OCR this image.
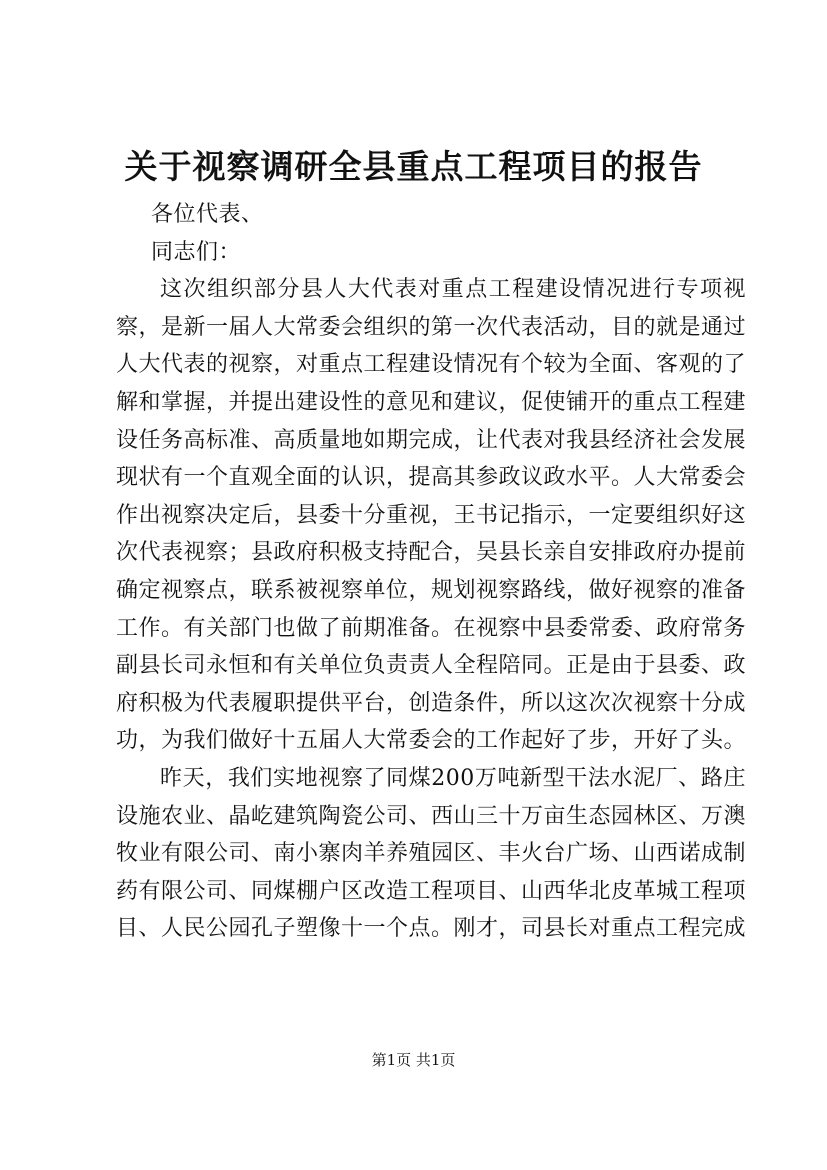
关于视察调研全县重点工程项目的报告

各位代表、

同志们：

这次组织部分县人大代表对重点工程建设情况进行专项视察，是新一届人大常委会组织的第一次代表活动，目的就是通过人大代表的视察，对重点工程建设情况有个较为全面、客观的了解和掌握，并提出建设性的意见和建议，促使铺开的重点工程建设任务高标准、高质量地如期完成，让代表对我县经济社会发展现状有一个直观全面的认识，提高其参政议政水平。人大常委会作出视察决定后，县委十分重视，王书记指示，一定要组织好这次代表视察；县政府积极支持配合，吴县长亲自安排政府办提前确定视察点，联系被视察单位，规划视察路线，做好视察的准备工作。有关部门也做了前期准备。在视察中县委常委、政府常务副县长司永恒和有关单位负责责人全程陪同。正是由于县委、政府积极为代表履职提供平台，创造条件，所以这次次视察十分成功，为我们做好十五届人大常委会的工作起好了步，开好了头。

昨天，我们实地视察了同煤200万吨新型干法水泥厂、路庄设施农业、晶屹建筑陶瓷公司、西山三十万亩生态园林区、万澳牧业有限公司、南小寨肉羊养殖园区、丰火台广场、山西诺成制药有限公司、同煤棚户区改造工程项目、山西华北皮革城工程项目、人民公园孔子塑像十一个点。刚才，司县长对重点工程完成

第1页 共1页
